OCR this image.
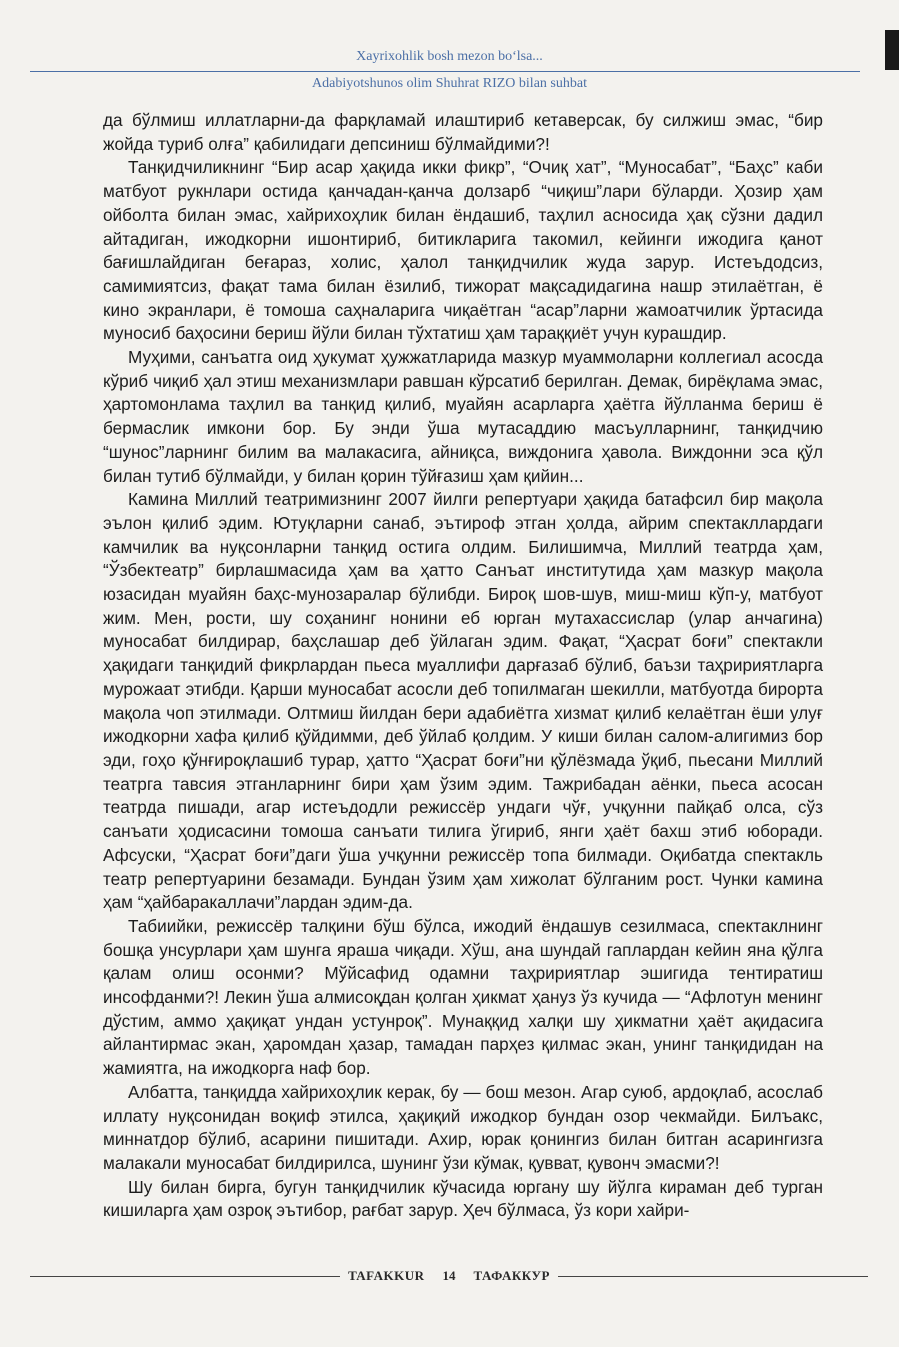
Xayrixohlik bosh mezon bo‘lsa...
Adabiyotshunos olim Shuhrat RIZO bilan suhbat

да бўлмиш иллатларни-да фарқламай илаштириб кетаверсак, бу силжиш эмас, “бир жойда туриб олға” қабилидаги депсиниш бўлмайдими?!

Танқидчиликнинг “Бир асар ҳақида икки фикр”, “Очиқ хат”, “Муносабат”, “Баҳс” каби матбуот рукнлари остида қанчадан-қанча долзарб “чиқиш”лари бўларди. Ҳозир ҳам ойболта билан эмас, хайрихоҳлик билан ёндашиб, таҳлил асносида ҳақ сўзни дадил айтадиган, ижодкорни ишонтириб, битикларига такомил, кейинги ижодига қанот бағишлайдиган беғараз, холис, ҳалол танқидчилик жуда зарур. Истеъдодсиз, самимиятсиз, фақат тама билан ёзилиб, тижорат мақсадидагина нашр этилаётган, ё кино экранлари, ё томоша саҳналарига чиқаётган “асар”ларни жамоатчилик ўртасида муносиб баҳосини бериш йўли билан тўхтатиш ҳам тараққиёт учун курашдир.

Муҳими, санъатга оид ҳукумат ҳужжатларида мазкур муаммоларни коллегиал асосда кўриб чиқиб ҳал этиш механизмлари равшан кўрсатиб берилган. Демак, бирёқлама эмас, ҳартомонлама таҳлил ва танқид қилиб, муайян асарларга ҳаётга йўлланма бериш ё бермаслик имкони бор. Бу энди ўша мутасаддию масъулларнинг, танқидчию “шунос”ларнинг билим ва малакасига, айниқса, виждонига ҳавола. Виждонни эса қўл билан тутиб бўлмайди, у билан қорин тўйғазиш ҳам қийин...

Камина Миллий театримизнинг 2007 йилги репертуари ҳақида батафсил бир мақола эълон қилиб эдим. Ютуқларни санаб, эътироф этган ҳолда, айрим спектакллардаги камчилик ва нуқсонларни танқид остига олдим. Билишимча, Миллий театрда ҳам, “Ўзбектеатр” бирлашмасида ҳам ва ҳатто Санъат институтида ҳам мазкур мақола юзасидан муайян баҳс-мунозаралар бўлибди. Бироқ шов-шув, миш-миш кўп-у, матбуот жим. Мен, рости, шу соҳанинг нонини еб юрган мутахассислар (улар анчагина) муносабат билдирар, баҳслашар деб ўйлаган эдим. Фақат, “Ҳасрат боғи” спектакли ҳақидаги танқидий фикрлардан пьеса муаллифи дарғазаб бўлиб, баъзи таҳририятларга мурожаат этибди. Қарши муносабат асосли деб топилмаган шекилли, матбуотда бирорта мақола чоп этилмади. Олтмиш йилдан бери адабиётга хизмат қилиб келаётган ёши улуғ ижодкорни хафа қилиб қўйдимми, деб ўйлаб қолдим. У киши билан салом-алигимиз бор эди, гоҳо қўнғироқлашиб турар, ҳатто “Ҳасрат боғи”ни қўлёзмада ўқиб, пьесани Миллий театрга тавсия этганларнинг бири ҳам ўзим эдим. Тажрибадан аёнки, пьеса асосан театрда пишади, агар истеъдодли режиссёр ундаги чўғ, учқунни пайқаб олса, сўз санъати ҳодисасини томоша санъати тилига ўгириб, янги ҳаёт бахш этиб юборади. Афсуски, “Ҳасрат боғи”даги ўша учқунни режиссёр топа билмади. Оқибатда спектакль театр репертуарини безамади. Бундан ўзим ҳам хижолат бўлганим рост. Чунки камина ҳам “ҳайбаракаллачи”лардан эдим-да.

Табиийки, режиссёр талқини бўш бўлса, ижодий ёндашув сезилмаса, спектаклнинг бошқа унсурлари ҳам шунга яраша чиқади. Хўш, ана шундай гаплардан кейин яна қўлга қалам олиш осонми? Мўйсафид одамни таҳририятлар эшигида тентиратиш инсофданми?! Лекин ўша алмисоқдан қолган ҳикмат ҳануз ўз кучида — “Афлотун менинг дўстим, аммо ҳақиқат ундан устунроқ”. Мунаққид халқи шу ҳикматни ҳаёт ақидасига айлантирмас экан, ҳаромдан ҳазар, тамадан парҳез қилмас экан, унинг танқидидан на жамиятга, на ижодкорга наф бор.

Албатта, танқидда хайрихоҳлик керак, бу — бош мезон. Агар суюб, ардоқлаб, асослаб иллату нуқсонидан воқиф этилса, ҳақиқий ижодкор бундан озор чекмайди. Билъакс, миннатдор бўлиб, асарини пишитади. Ахир, юрак қонингиз билан битган асарингизга малакали муносабат билдирилса, шунинг ўзи кўмак, қувват, қувонч эмасми?!

Шу билан бирга, бугун танқидчилик кўчасида юргану шу йўлга кираман деб турган кишиларга ҳам озроқ эътибор, рағбат зарур. Ҳеч бўлмаса, ўз кори хайри-

TAFAKKUR	14	ТАФАККУР
